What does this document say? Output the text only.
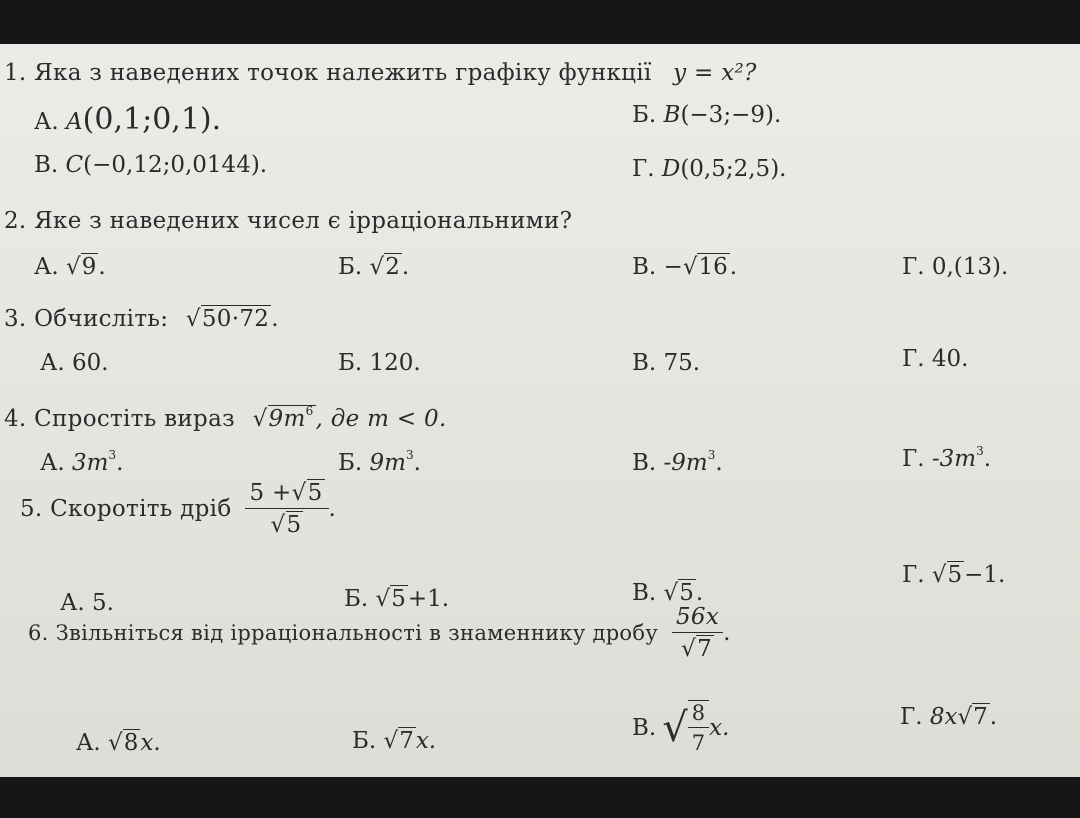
1. Яка з наведених точок належить графіку функції y = x²?
А. A(0,1;0,1).	Б. B(−3;−9).
В. C(−0,12;0,0144).	Г. D(0,5;2,5).
2. Яке з наведених чисел є ірраціональними?
А. √9.	Б. √2.	В. −√16.	Г. 0,(13).
3. Обчисліть: √50·72.
А. 60.	Б. 120.	В. 75.	Г. 40.
4. Спростіть вираз $√9m^6$, де m < 0.
А. $3m^3$.	Б. $9m^3$.	В. $-9m^3$.	Г. $-3m^3$.
5. Скоротіть дріб $\frac{5 +√5}{√5}$ .
А. 5.	Б. √5+1.	В. √5.
Г. √5−1.
6. Звільніться від ірраціональності в знаменнику дробу $\frac{56x}{√7}$ .
А. √8x.	Б. √7x.
В. √ $\frac{8}{7} x$.	Г. 8x√7.
